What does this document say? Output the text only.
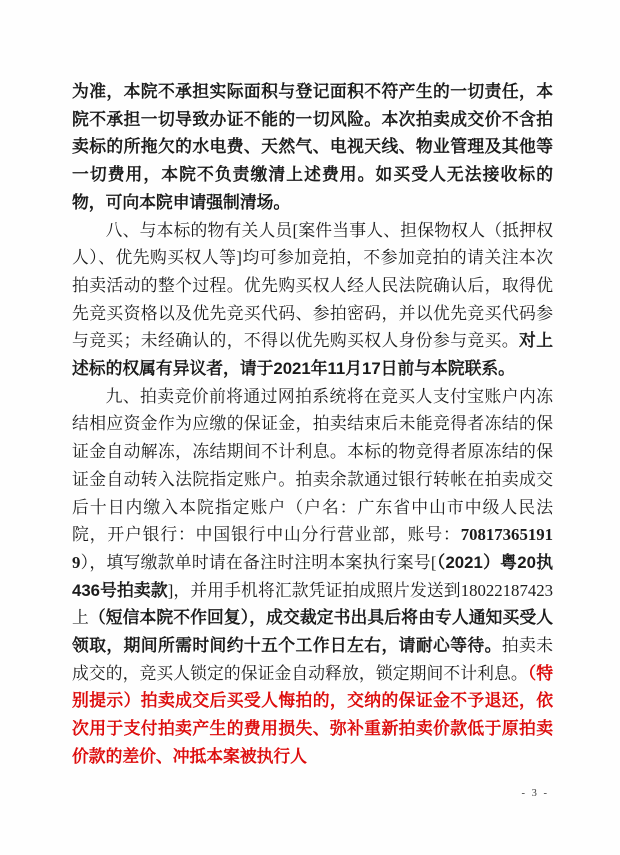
为准，本院不承担实际面积与登记面积不符产生的一切责任，本院不承担一切导致办证不能的一切风险。本次拍卖成交价不含拍卖标的所拖欠的水电费、天然气、电视天线、物业管理及其他等一切费用，本院不负责缴清上述费用。如买受人无法接收标的物，可向本院申请强制清场。

八、与本标的物有关人员[案件当事人、担保物权人（抵押权人）、优先购买权人等]均可参加竞拍，不参加竞拍的请关注本次拍卖活动的整个过程。优先购买权人经人民法院确认后，取得优先竞买资格以及优先竞买代码、参拍密码，并以优先竞买代码参与竞买；未经确认的，不得以优先购买权人身份参与竞买。对上述标的权属有异议者，请于2021年11月17日前与本院联系。

九、拍卖竞价前将通过网拍系统将在竞买人支付宝账户内冻结相应资金作为应缴的保证金，拍卖结束后未能竞得者冻结的保证金自动解冻，冻结期间不计利息。本标的物竞得者原冻结的保证金自动转入法院指定账户。拍卖余款通过银行转帐在拍卖成交后十日内缴入本院指定账户（户名：广东省中山市中级人民法院，开户银行：中国银行中山分行营业部，账号：708173651919），填写缴款单时请在备注时注明本案执行案号[（2021）粤20执436号拍卖款]，并用手机将汇款凭证拍成照片发送到18022187423上（短信本院不作回复），成交裁定书出具后将由专人通知买受人领取，期间所需时间约十五个工作日左右，请耐心等待。拍卖未成交的，竞买人锁定的保证金自动释放，锁定期间不计利息。（特别提示）拍卖成交后买受人悔拍的，交纳的保证金不予退还，依次用于支付拍卖产生的费用损失、弥补重新拍卖价款低于原拍卖价款的差价、冲抵本案被执行人

- 3 -
